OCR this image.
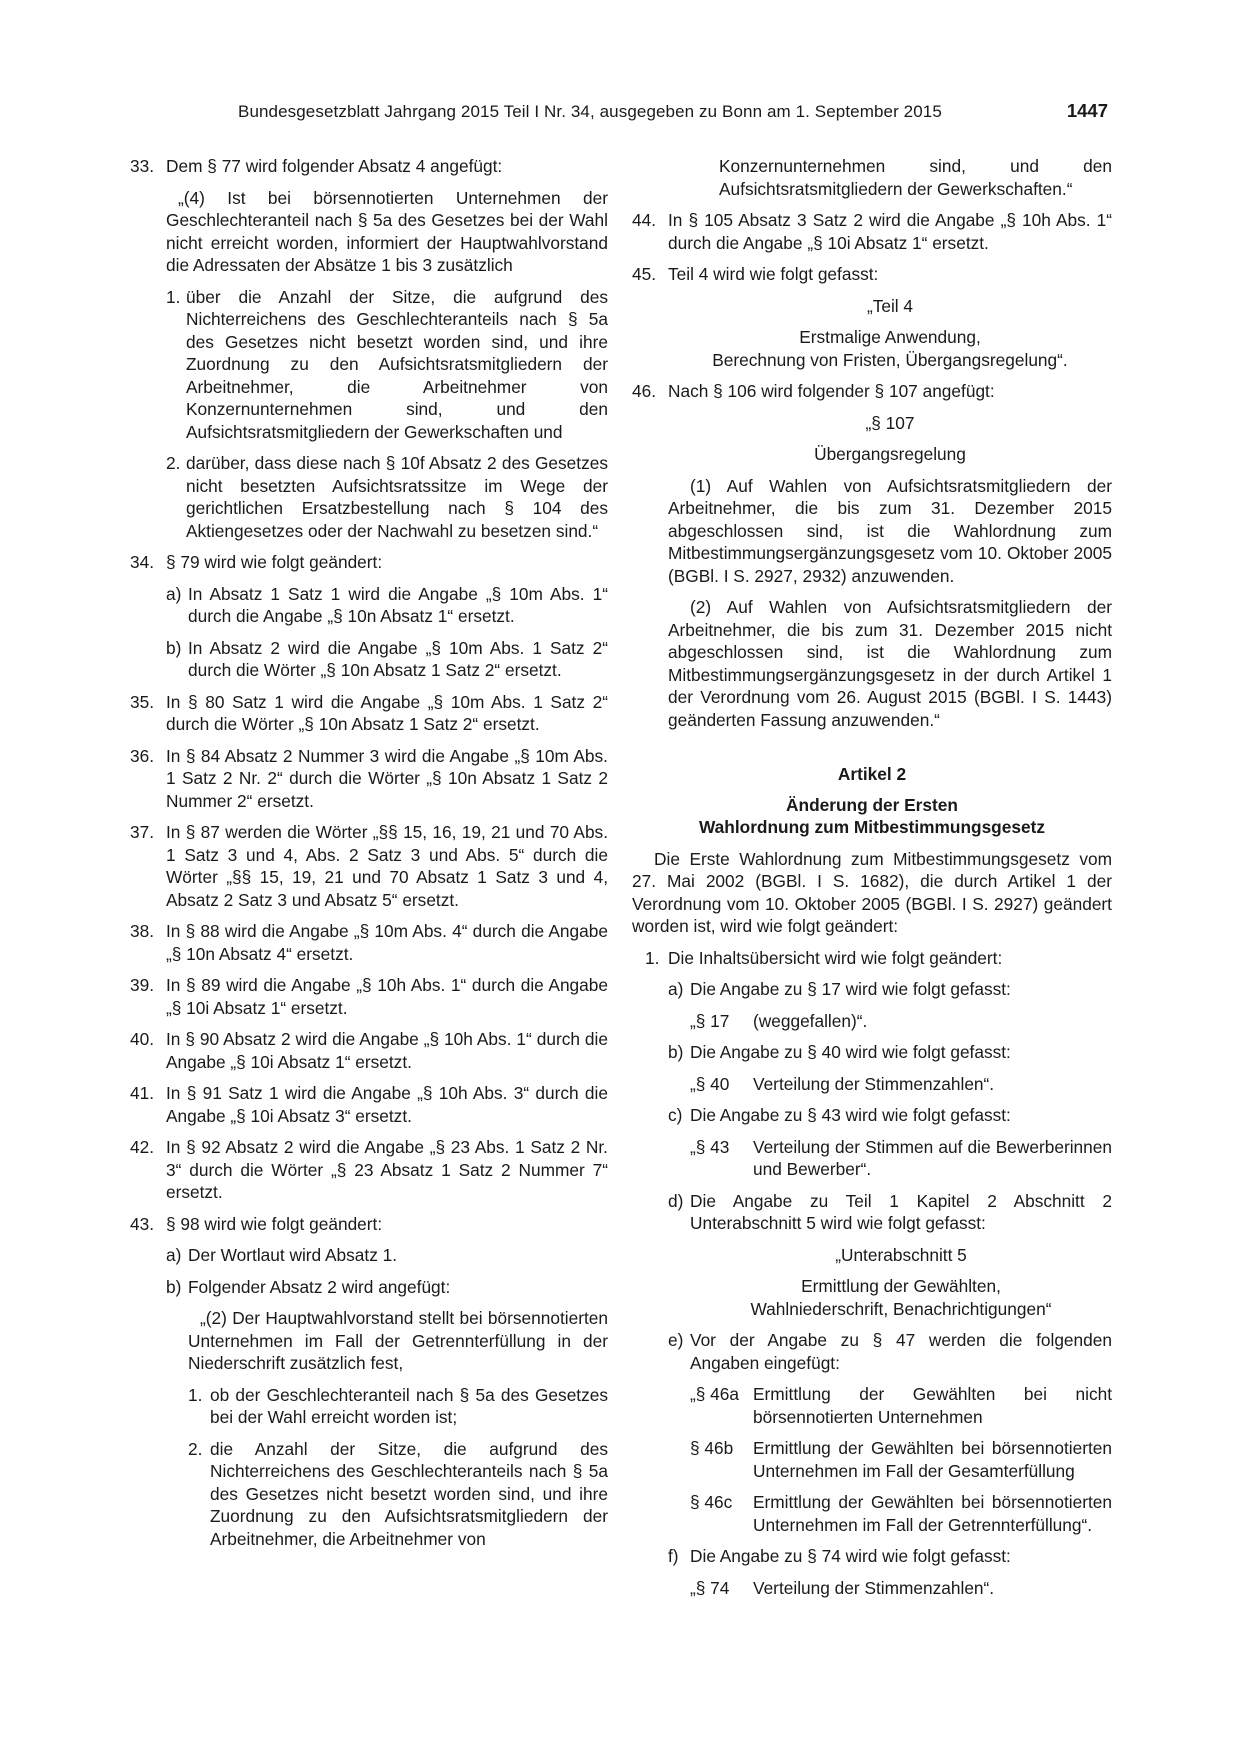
Bundesgesetzblatt Jahrgang 2015 Teil I Nr. 34, ausgegeben zu Bonn am 1. September 2015	1447
33. Dem § 77 wird folgender Absatz 4 angefügt:

„(4) Ist bei börsennotierten Unternehmen der Geschlechteranteil nach § 5a des Gesetzes bei der Wahl nicht erreicht worden, informiert der Hauptwahlvorstand die Adressaten der Absätze 1 bis 3 zusätzlich

1. über die Anzahl der Sitze, die aufgrund des Nichterreichens des Geschlechteranteils nach § 5a des Gesetzes nicht besetzt worden sind, und ihre Zuordnung zu den Aufsichtsratsmitgliedern der Arbeitnehmer, die Arbeitnehmer von Konzernunternehmen sind, und den Aufsichtsratsmitgliedern der Gewerkschaften und

2. darüber, dass diese nach § 10f Absatz 2 des Gesetzes nicht besetzten Aufsichtsratssitze im Wege der gerichtlichen Ersatzbestellung nach § 104 des Aktiengesetzes oder der Nachwahl zu besetzen sind.“

34. § 79 wird wie folgt geändert:

a) In Absatz 1 Satz 1 wird die Angabe „§ 10m Abs. 1“ durch die Angabe „§ 10n Absatz 1“ ersetzt.

b) In Absatz 2 wird die Angabe „§ 10m Abs. 1 Satz 2“ durch die Wörter „§ 10n Absatz 1 Satz 2“ ersetzt.

35. In § 80 Satz 1 wird die Angabe „§ 10m Abs. 1 Satz 2“ durch die Wörter „§ 10n Absatz 1 Satz 2“ ersetzt.

36. In § 84 Absatz 2 Nummer 3 wird die Angabe „§ 10m Abs. 1 Satz 2 Nr. 2“ durch die Wörter „§ 10n Absatz 1 Satz 2 Nummer 2“ ersetzt.

37. In § 87 werden die Wörter „§§ 15, 16, 19, 21 und 70 Abs. 1 Satz 3 und 4, Abs. 2 Satz 3 und Abs. 5“ durch die Wörter „§§ 15, 19, 21 und 70 Absatz 1 Satz 3 und 4, Absatz 2 Satz 3 und Absatz 5“ ersetzt.

38. In § 88 wird die Angabe „§ 10m Abs. 4“ durch die Angabe „§ 10n Absatz 4“ ersetzt.

39. In § 89 wird die Angabe „§ 10h Abs. 1“ durch die Angabe „§ 10i Absatz 1“ ersetzt.

40. In § 90 Absatz 2 wird die Angabe „§ 10h Abs. 1“ durch die Angabe „§ 10i Absatz 1“ ersetzt.

41. In § 91 Satz 1 wird die Angabe „§ 10h Abs. 3“ durch die Angabe „§ 10i Absatz 3“ ersetzt.

42. In § 92 Absatz 2 wird die Angabe „§ 23 Abs. 1 Satz 2 Nr. 3“ durch die Wörter „§ 23 Absatz 1 Satz 2 Nummer 7“ ersetzt.

43. § 98 wird wie folgt geändert:

a) Der Wortlaut wird Absatz 1.

b) Folgender Absatz 2 wird angefügt:

„(2) Der Hauptwahlvorstand stellt bei börsennotierten Unternehmen im Fall der Getrennterfüllung in der Niederschrift zusätzlich fest,

1. ob der Geschlechteranteil nach § 5a des Gesetzes bei der Wahl erreicht worden ist;

2. die Anzahl der Sitze, die aufgrund des Nichterreichens des Geschlechteranteils nach § 5a des Gesetzes nicht besetzt worden sind, und ihre Zuordnung zu den Aufsichtsratsmitgliedern der Arbeitnehmer, die Arbeitnehmer von

Konzernunternehmen sind, und den Aufsichtsratsmitgliedern der Gewerkschaften.“

44. In § 105 Absatz 3 Satz 2 wird die Angabe „§ 10h Abs. 1“ durch die Angabe „§ 10i Absatz 1“ ersetzt.

45. Teil 4 wird wie folgt gefasst:

„Teil 4

Erstmalige Anwendung,

Berechnung von Fristen, Übergangsregelung“.

46. Nach § 106 wird folgender § 107 angefügt:

„§ 107

Übergangsregelung

(1) Auf Wahlen von Aufsichtsratsmitgliedern der Arbeitnehmer, die bis zum 31. Dezember 2015 abgeschlossen sind, ist die Wahlordnung zum Mitbestimmungsergänzungsgesetz vom 10. Oktober 2005 (BGBl. I S. 2927, 2932) anzuwenden.

(2) Auf Wahlen von Aufsichtsratsmitgliedern der Arbeitnehmer, die bis zum 31. Dezember 2015 nicht abgeschlossen sind, ist die Wahlordnung zum Mitbestimmungsergänzungsgesetz in der durch Artikel 1 der Verordnung vom 26. August 2015 (BGBl. I S. 1443) geänderten Fassung anzuwenden.“

Artikel 2

Änderung der Ersten

Wahlordnung zum Mitbestimmungsgesetz

Die Erste Wahlordnung zum Mitbestimmungsgesetz vom 27. Mai 2002 (BGBl. I S. 1682), die durch Artikel 1 der Verordnung vom 10. Oktober 2005 (BGBl. I S. 2927) geändert worden ist, wird wie folgt geändert:

1. Die Inhaltsübersicht wird wie folgt geändert:

a) Die Angabe zu § 17 wird wie folgt gefasst:

„§ 17 (weggefallen)“.

b) Die Angabe zu § 40 wird wie folgt gefasst:

„§ 40 Verteilung der Stimmenzahlen“.

c) Die Angabe zu § 43 wird wie folgt gefasst:

„§ 43 Verteilung der Stimmen auf die Bewerberinnen und Bewerber“.

d) Die Angabe zu Teil 1 Kapitel 2 Abschnitt 2 Unterabschnitt 5 wird wie folgt gefasst:

„Unterabschnitt 5

Ermittlung der Gewählten,

Wahlniederschrift, Benachrichtigungen“

e) Vor der Angabe zu § 47 werden die folgenden Angaben eingefügt:

„§ 46a Ermittlung der Gewählten bei nicht börsennotierten Unternehmen

§ 46b Ermittlung der Gewählten bei börsennotierten Unternehmen im Fall der Gesamterfüllung

§ 46c Ermittlung der Gewählten bei börsennotierten Unternehmen im Fall der Getrennterfüllung“.

f) Die Angabe zu § 74 wird wie folgt gefasst:

„§ 74 Verteilung der Stimmenzahlen“.
